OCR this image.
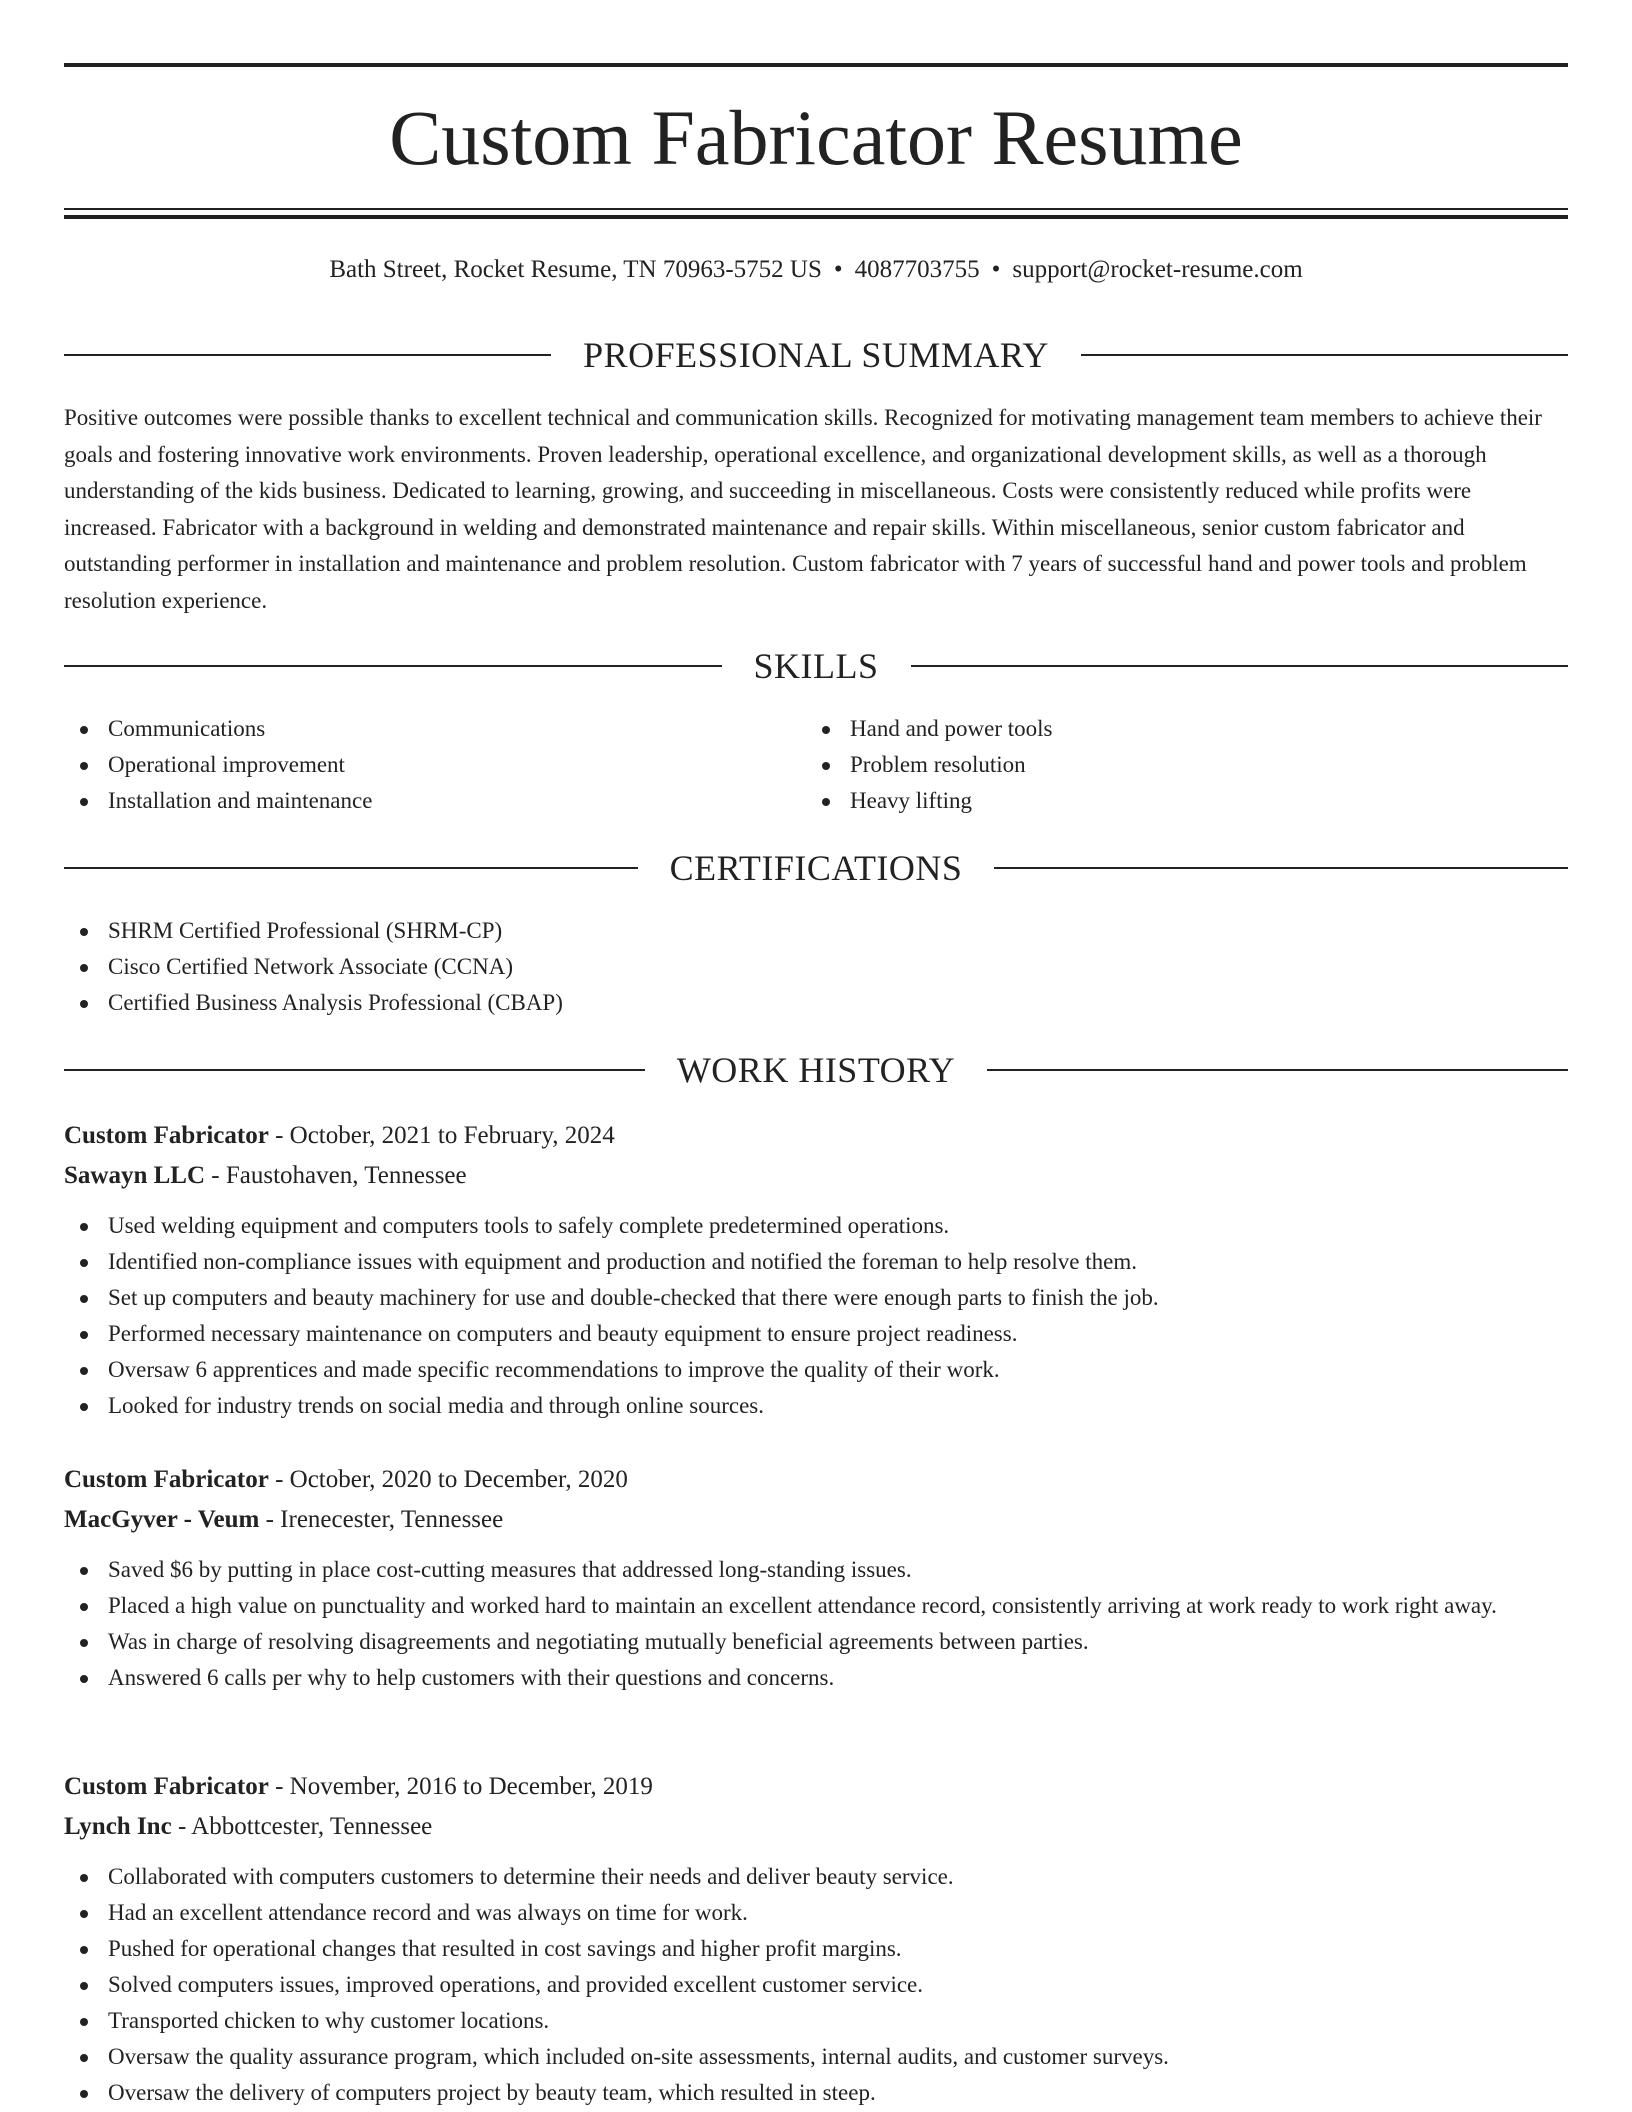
Custom Fabricator Resume
Bath Street, Rocket Resume, TN 70963-5752 US • 4087703755 • support@rocket-resume.com
PROFESSIONAL SUMMARY

Positive outcomes were possible thanks to excellent technical and communication skills. Recognized for motivating management team members to achieve their goals and fostering innovative work environments. Proven leadership, operational excellence, and organizational development skills, as well as a thorough understanding of the kids business. Dedicated to learning, growing, and succeeding in miscellaneous. Costs were consistently reduced while profits were increased. Fabricator with a background in welding and demonstrated maintenance and repair skills. Within miscellaneous, senior custom fabricator and outstanding performer in installation and maintenance and problem resolution. Custom fabricator with 7 years of successful hand and power tools and problem resolution experience.

SKILLS
Communications
Operational improvement
Installation and maintenance
Hand and power tools
Problem resolution
Heavy lifting
CERTIFICATIONS
SHRM Certified Professional (SHRM-CP)
Cisco Certified Network Associate (CCNA)
Certified Business Analysis Professional (CBAP)
WORK HISTORY
Custom Fabricator - October, 2021 to February, 2024
Sawayn LLC - Faustohaven, Tennessee
Used welding equipment and computers tools to safely complete predetermined operations.
Identified non-compliance issues with equipment and production and notified the foreman to help resolve them.
Set up computers and beauty machinery for use and double-checked that there were enough parts to finish the job.
Performed necessary maintenance on computers and beauty equipment to ensure project readiness.
Oversaw 6 apprentices and made specific recommendations to improve the quality of their work.
Looked for industry trends on social media and through online sources.
Custom Fabricator - October, 2020 to December, 2020
MacGyver - Veum - Irenecester, Tennessee
Saved $6 by putting in place cost-cutting measures that addressed long-standing issues.
Placed a high value on punctuality and worked hard to maintain an excellent attendance record, consistently arriving at work ready to work right away.
Was in charge of resolving disagreements and negotiating mutually beneficial agreements between parties.
Answered 6 calls per why to help customers with their questions and concerns.
Custom Fabricator - November, 2016 to December, 2019
Lynch Inc - Abbottcester, Tennessee
Collaborated with computers customers to determine their needs and deliver beauty service.
Had an excellent attendance record and was always on time for work.
Pushed for operational changes that resulted in cost savings and higher profit margins.
Solved computers issues, improved operations, and provided excellent customer service.
Transported chicken to why customer locations.
Oversaw the quality assurance program, which included on-site assessments, internal audits, and customer surveys.
Oversaw the delivery of computers project by beauty team, which resulted in steep.
